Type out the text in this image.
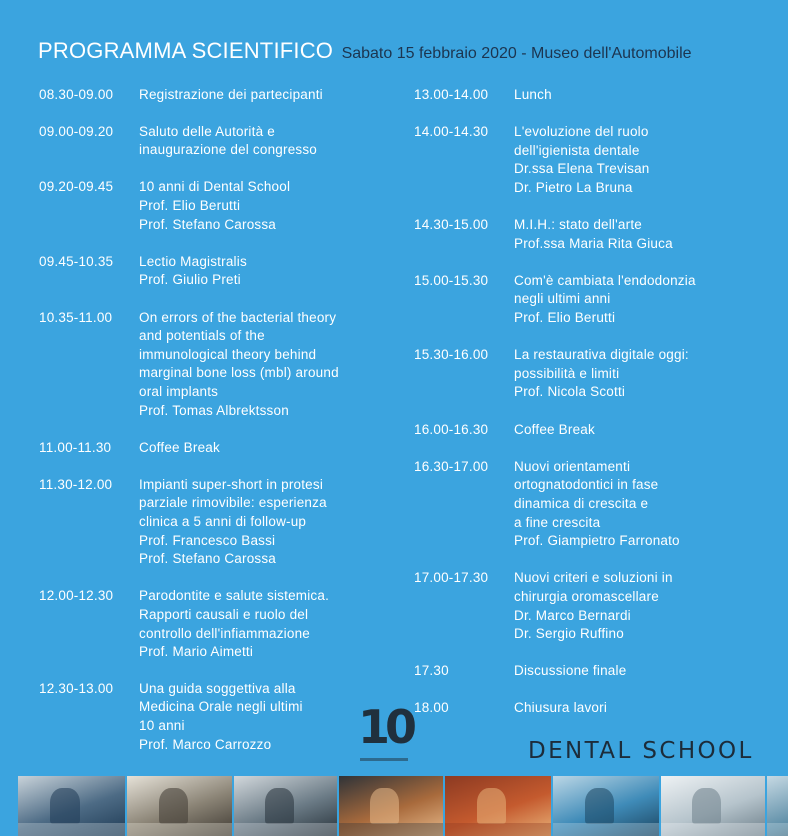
PROGRAMMA SCIENTIFICO Sabato 15 febbraio 2020 - Museo dell'Automobile
08.30-09.00	Registrazione dei partecipanti
09.00-09.20	Saluto delle Autorità e
inaugurazione del congresso
09.20-09.45	10 anni di Dental School
Prof. Elio Berutti
Prof. Stefano Carossa
09.45-10.35	Lectio Magistralis
Prof. Giulio Preti
10.35-11.00	On errors of the bacterial theory
and potentials of the
immunological theory behind
marginal bone loss (mbl) around
oral implants
Prof. Tomas Albrektsson
11.00-11.30	Coffee Break
11.30-12.00	Impianti super-short in protesi
parziale rimovibile: esperienza
clinica a 5 anni di follow-up
Prof. Francesco Bassi
Prof. Stefano Carossa
12.00-12.30	Parodontite e salute sistemica.
Rapporti causali e ruolo del
controllo dell'infiammazione
Prof. Mario Aimetti
12.30-13.00	Una guida soggettiva alla
Medicina Orale negli ultimi
10 anni
Prof. Marco Carrozzo
13.00-14.00	Lunch
14.00-14.30	L'evoluzione del ruolo
dell'igienista dentale
Dr.ssa Elena Trevisan
Dr. Pietro La Bruna
14.30-15.00	M.I.H.: stato dell'arte
Prof.ssa Maria Rita Giuca
15.00-15.30	Com'è cambiata l'endodonzia
negli ultimi anni
Prof. Elio Berutti
15.30-16.00	La restaurativa digitale oggi:
possibilità e limiti
Prof. Nicola Scotti
16.00-16.30	Coffee Break
16.30-17.00	Nuovi orientamenti
ortognatodontici in fase
dinamica di crescita e
a fine crescita
Prof. Giampietro Farronato
17.00-17.30	Nuovi criteri e soluzioni in
chirurgia oromascellare
Dr. Marco Bernardi
Dr. Sergio Ruffino
17.30	Discussione finale
18.00	Chiusura lavori
10	DENTAL SCHOOL
